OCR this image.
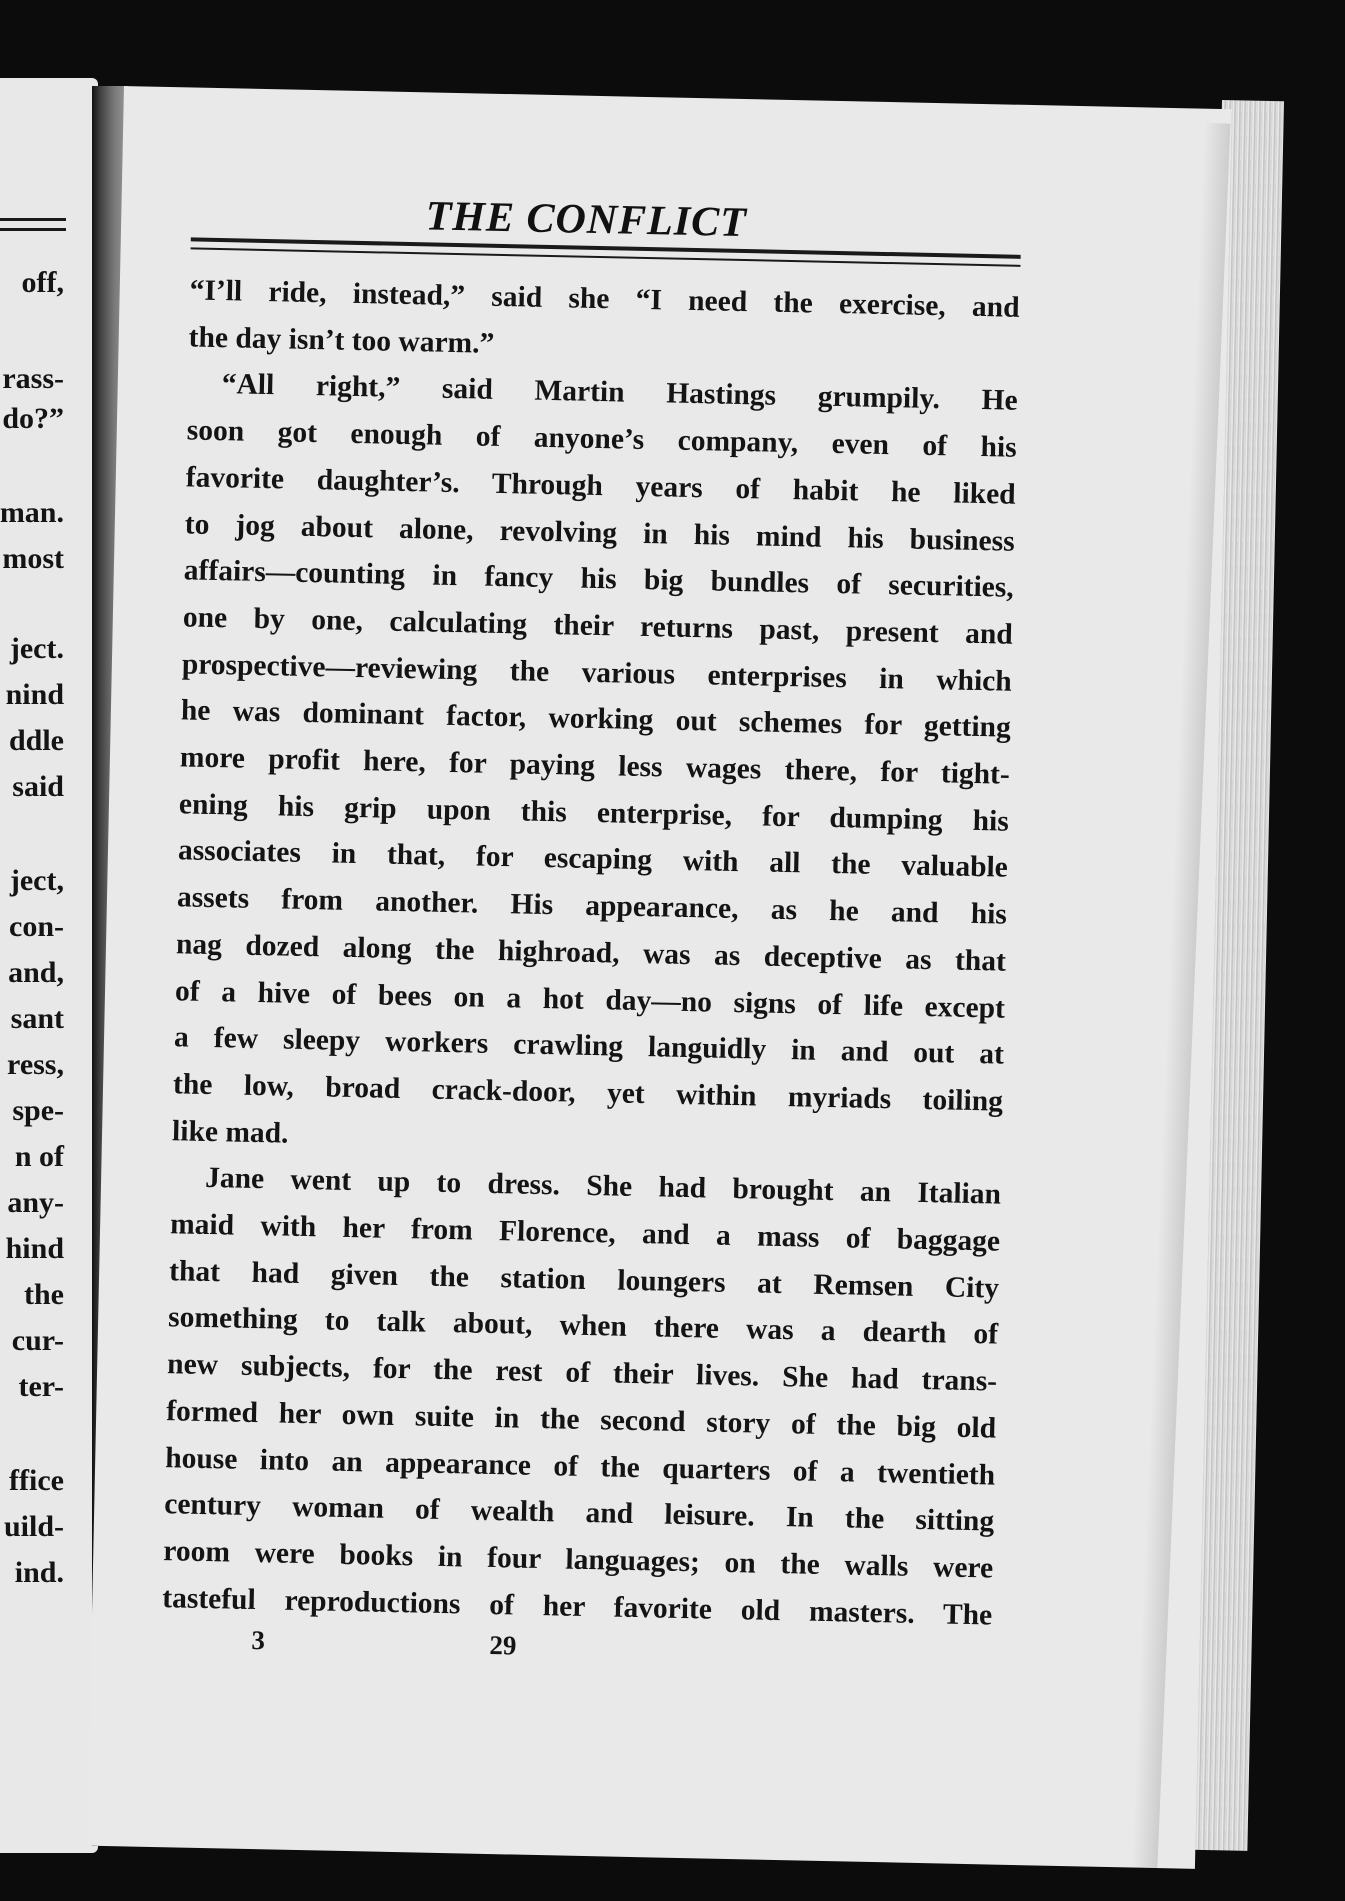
off,
rass-
do?”
man.
most
ject.
nind
ddle
said
ject,
con-
and,
sant
ress,
spe-
n of
any-
hind
the
cur-
ter-
ffice
uild-
ind.
THE CONFLICT

“I’ll ride, instead,” said she “I need the exercise, and
the day isn’t too warm.”

“All right,” said Martin Hastings grumpily. He
soon got enough of anyone’s company, even of his
favorite daughter’s. Through years of habit he liked
to jog about alone, revolving in his mind his business
affairs—counting in fancy his big bundles of securities,
one by one, calculating their returns past, present and
prospective—reviewing the various enterprises in which
he was dominant factor, working out schemes for getting
more profit here, for paying less wages there, for tight-
ening his grip upon this enterprise, for dumping his
associates in that, for escaping with all the valuable
assets from another. His appearance, as he and his
nag dozed along the highroad, was as deceptive as that
of a hive of bees on a hot day—no signs of life except
a few sleepy workers crawling languidly in and out at
the low, broad crack-door, yet within myriads toiling
like mad.

Jane went up to dress. She had brought an Italian
maid with her from Florence, and a mass of baggage
that had given the station loungers at Remsen City
something to talk about, when there was a dearth of
new subjects, for the rest of their lives. She had trans-
formed her own suite in the second story of the big old
house into an appearance of the quarters of a twentieth
century woman of wealth and leisure. In the sitting
room were books in four languages; on the walls were
tasteful reproductions of her favorite old masters. The

3	29
